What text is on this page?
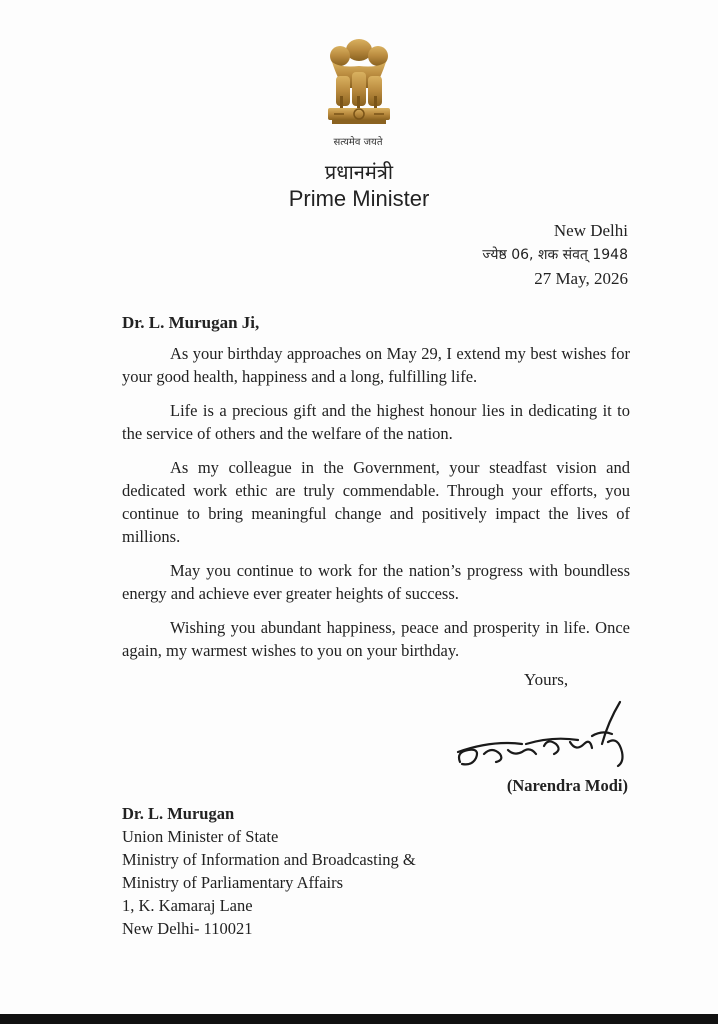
सत्यमेव जयते
प्रधानमंत्री
Prime Minister
New Delhi
ज्येष्ठ 06, शक संवत् 1948
27 May, 2026
Dr. L. Murugan Ji,

As your birthday approaches on May 29, I extend my best wishes for your good health, happiness and a long, fulfilling life.

Life is a precious gift and the highest honour lies in dedicating it to the service of others and the welfare of the nation.

As my colleague in the Government, your steadfast vision and dedicated work ethic are truly commendable. Through your efforts, you continue to bring meaningful change and positively impact the lives of millions.

May you continue to work for the nation’s progress with boundless energy and achieve ever greater heights of success.

Wishing you abundant happiness, peace and prosperity in life. Once again, my warmest wishes to you on your birthday.

Yours,
(Narendra Modi)
Dr. L. Murugan
Union Minister of State
Ministry of Information and Broadcasting &
Ministry of Parliamentary Affairs
1, K. Kamaraj Lane
New Delhi- 110021
